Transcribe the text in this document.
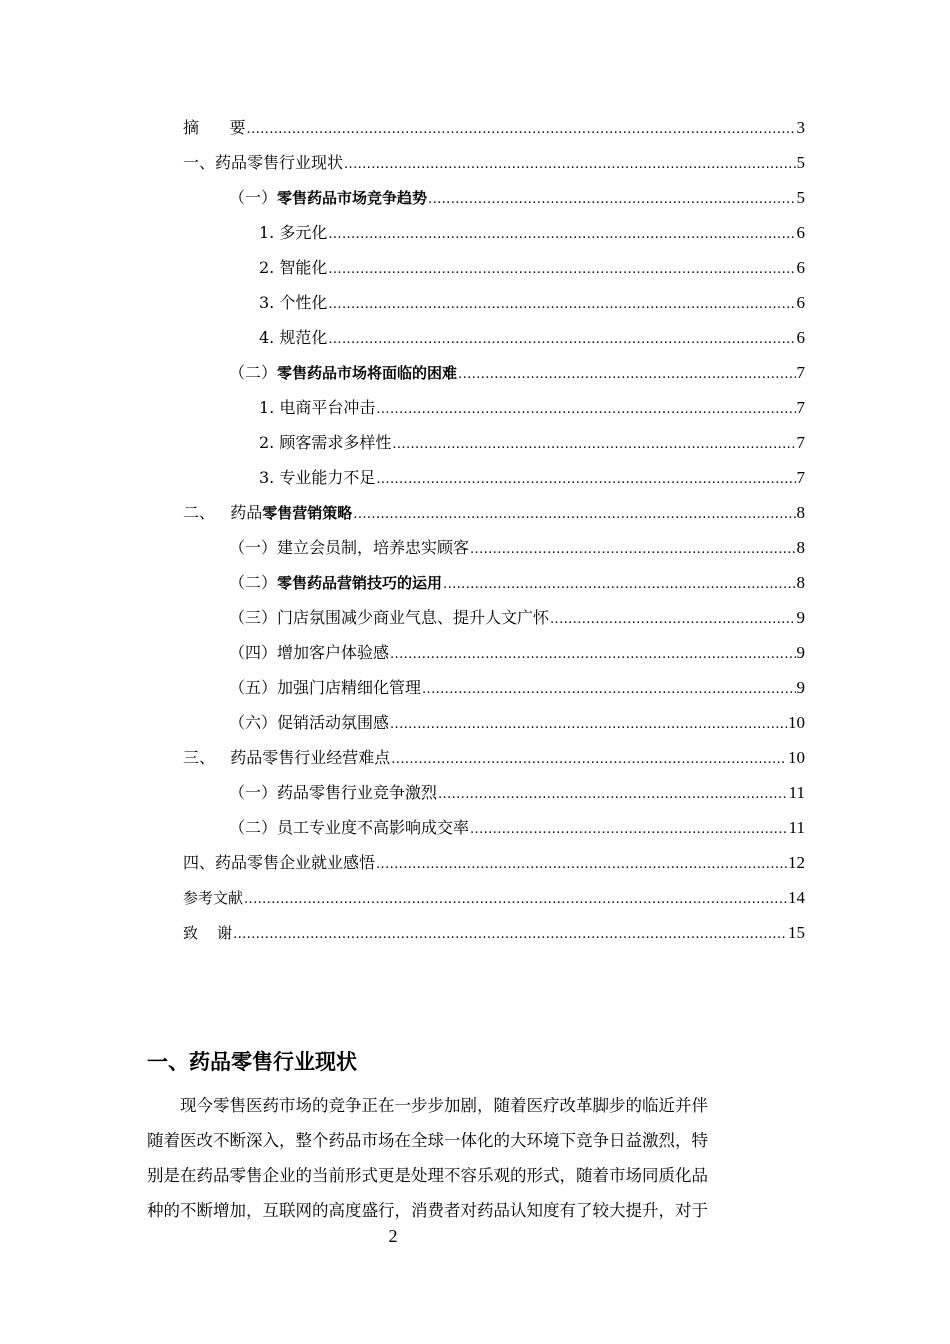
摘      要 .....	3
一、药品零售行业现状 .....	5
（一） 零售药品市场竞争趋势 .....	5
1. 多元化 .....	6
2. 智能化 .....	6
3. 个性化 .....	6
4. 规范化 .....	6
（二） 零售药品市场将面临的困难 .....	7
1. 电商平台冲击 .....	7
2. 顾客需求多样性 .....	7
3. 专业能力不足 .....	7
二、   药品 零售营销策略 .....	8
（一）建立会员制，培养忠实顾客 .....	8
（二） 零售药品营销技巧的运用 .....	8
（三）门店氛围减少商业气息、提升人文广怀 .....	9
（四）增加客户体验感 .....	9
（五）加强门店精细化管理 .....	9
（六）促销活动氛围感 .....	10
三、   药品零售行业经营难点 .....	10
（一）药品零售行业竞争激烈 .....	11
（二）员工专业度不高影响成交率 .....	11
四、药品零售企业就业感悟 .....	12
参考文献 .....	14
致    谢 .....	15
一、药品零售行业现状
现今零售医药市场的竞争正在一步步加剧，随着医疗改革脚步的临近并伴
随着医改不断深入，整个药品市场在全球一体化的大环境下竞争日益激烈，特
别是在药品零售企业的当前形式更是处理不容乐观的形式，随着市场同质化品
种的不断增加，互联网的高度盛行，消费者对药品认知度有了较大提升，对于
2
